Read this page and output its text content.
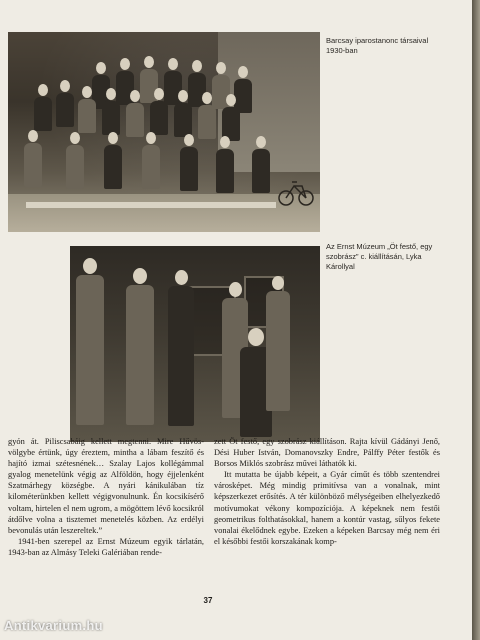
Barcsay iparostanonc társaival 1930-ban
Az Ernst Múzeum „Öt festő, egy szobrász” c. kiállításán, Lyka Károllyal

gyón át. Piliscsabáig kellett megtenni. Mire Hűvös-völgybe értünk, úgy éreztem, mintha a lábam feszítő és hajító izmai szétesnének… Szalay Lajos kollégámmal gyalog menetelünk végig az Alföldön, hogy éjjelenként Szatmárhegy községbe. A nyári kánikulában tíz kilométerünkben kellett végigvonulnunk. Én kocsikísérő voltam, hirtelen el nem ugrom, a mögöttem lévő kocsikról átdőlve volna a tisztemet menetelés közben. Az erdélyi bevonulás után leszereltek.”

1941-ben szerepel az Ernst Múzeum egyik tárlatán, 1943-ban az Almásy Teleki Galériában rende-

zett Öt festő, egy szobrász kiállításon. Rajta kívül Gádányi Jenő, Dési Huber István, Domanovszky Endre, Pálffy Péter festők és Borsos Miklós szobrász művei láthatók ki.

Itt mutatta be újabb képeit, a Gyár címűt és több szentendrei városképet. Még mindig primitívsa van a vonalnak, mint képszerkezet erősítés. A tér különböző mélységeiben elhelyezkedő motívumokat vékony kompozíciója. A képeknek nem festői geometrikus folthatásokkal, hanem a kontúr vastag, sűlyos fekete vonalai ékelődnek egybe. Ezeken a képeken Barcsay még nem éri el későbbi festői korszakának komp-

37
Antikvarium.hu
